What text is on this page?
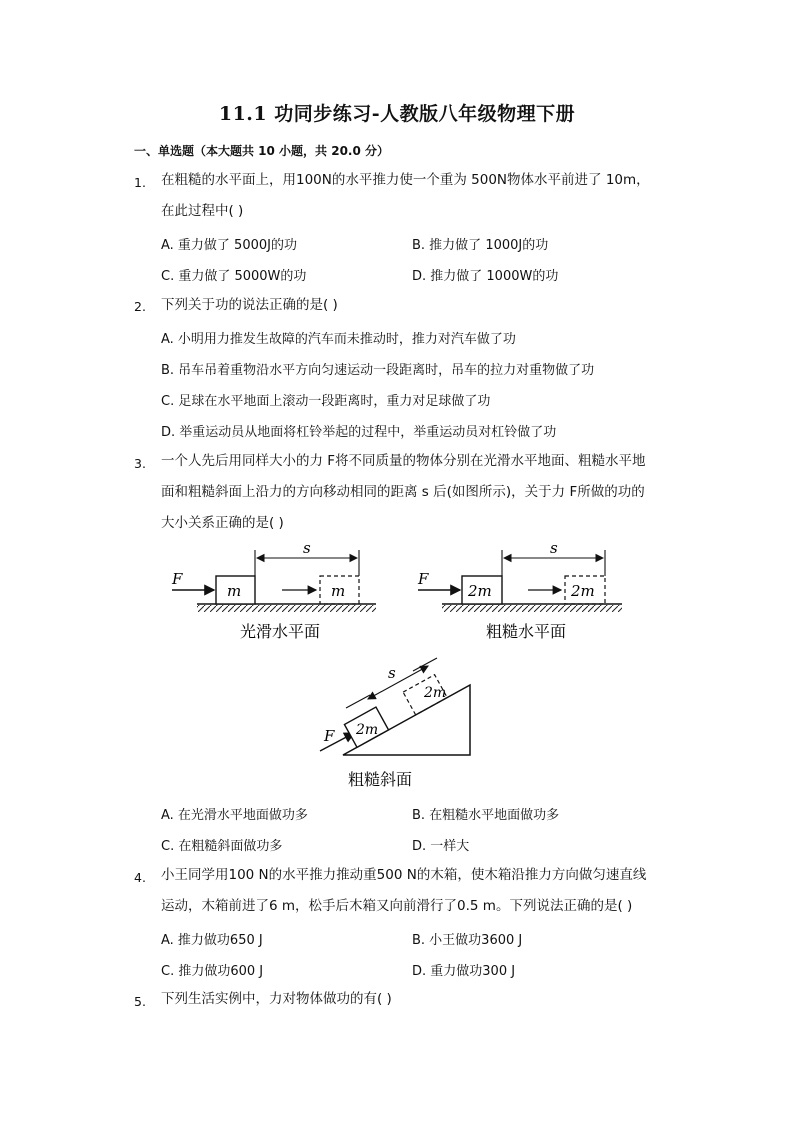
11.1 功同步练习-人教版八年级物理下册
一、单选题（本大题共 10 小题，共 20.0 分）
1. 在粗糙的水平面上，用100N的水平推力使一个重为 500N物体水平前进了 10m，
在此过程中( )
A. 重力做了 5000J的功	B. 推力做了 1000J的功
C. 重力做了 5000W的功	D. 推力做了 1000W的功
2. 下列关于功的说法正确的是( )
A. 小明用力推发生故障的汽车而未推动时，推力对汽车做了功
B. 吊车吊着重物沿水平方向匀速运动一段距离时，吊车的拉力对重物做了功
C. 足球在水平地面上滚动一段距离时，重力对足球做了功
D. 举重运动员从地面将杠铃举起的过程中，举重运动员对杠铃做了功
3. 一个人先后用同样大小的力 F将不同质量的物体分别在光滑水平地面、粗糙水平地
面和粗糙斜面上沿力的方向移动相同的距离 s 后(如图所示)，关于力 F所做的功的
大小关系正确的是( )
F
m	m
s
光滑水平面
F
2m	2m
s
粗糙水平面
F 2m
2m
s
粗糙斜面
A. 在光滑水平地面做功多	B. 在粗糙水平地面做功多
C. 在粗糙斜面做功多	D. 一样大
4. 小王同学用100 N的水平推力推动重500 N的木箱，使木箱沿推力方向做匀速直线
运动，木箱前进了6 m，松手后木箱又向前滑行了0.5 m。下列说法正确的是( )
A. 推力做功650 J	B. 小王做功3600 J
C. 推力做功600 J	D. 重力做功300 J
5. 下列生活实例中，力对物体做功的有( )
